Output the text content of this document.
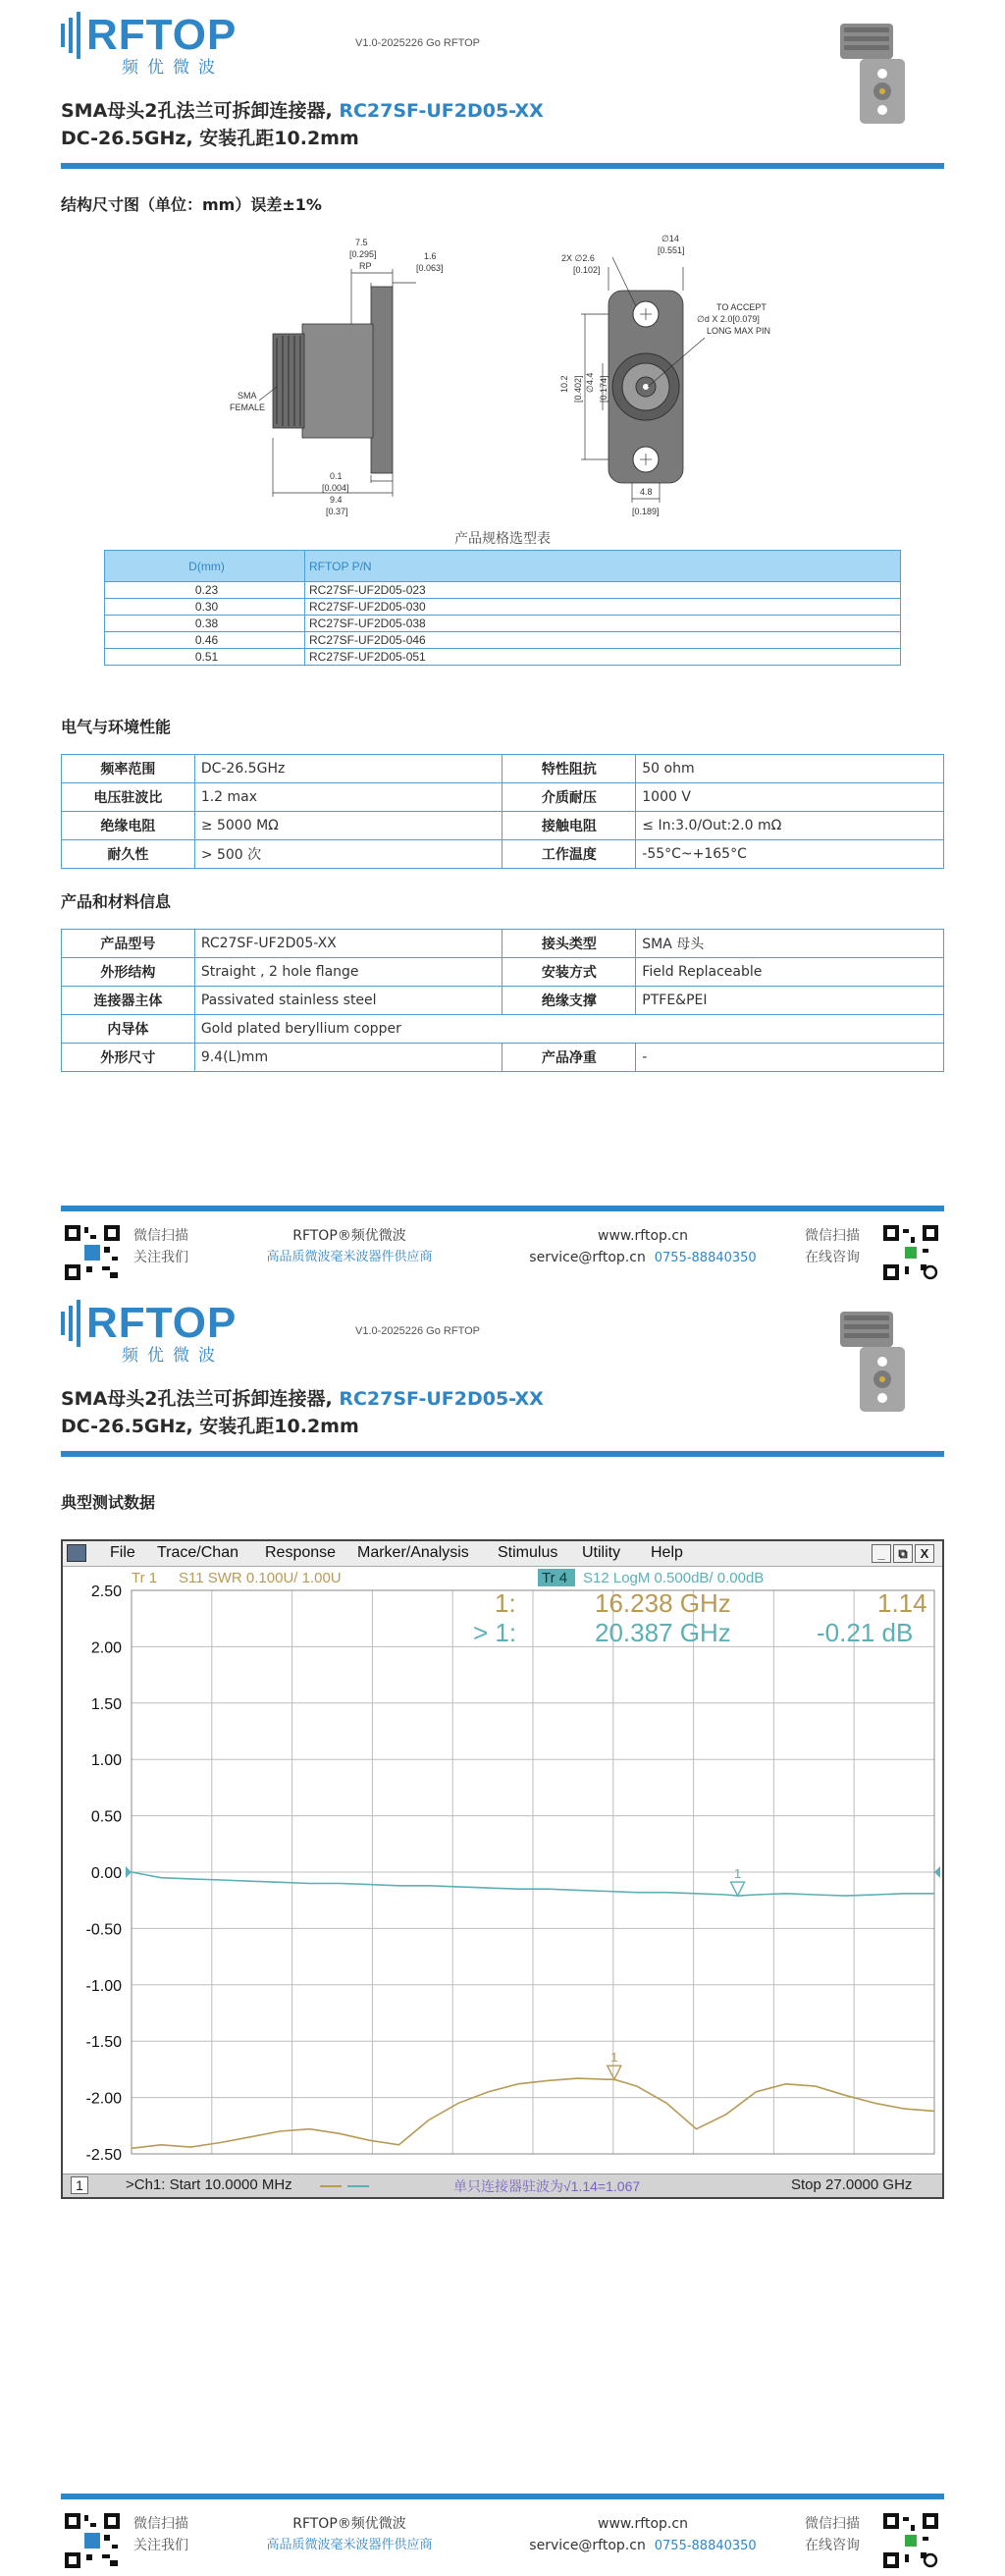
RFTOP
频优微波
V1.0-2025226 Go RFTOP
SMA母头2孔法兰可拆卸连接器, RC27SF-UF2D05-XX
DC-26.5GHz, 安装孔距10.2mm
结构尺寸图（单位：mm）误差±1%
7.5
[0.295]
RP
1.6
[0.063]
SMA
FEMALE
0.1
[0.004]
9.4
[0.37]
2X ∅2.6
[0.102]
∅14
[0.551]
TO ACCEPT
∅d X 2.0[0.079]
LONG MAX PIN
10.2 [0.402] ∅4.4 [0.174]
4.8
[0.189]
产品规格选型表
D(mm)	RFTOP P/N
0.23	RC27SF-UF2D05-023
0.30	RC27SF-UF2D05-030
0.38	RC27SF-UF2D05-038
0.46	RC27SF-UF2D05-046
0.51	RC27SF-UF2D05-051
电气与环境性能
频率范围	DC-26.5GHz	特性阻抗	50 ohm
电压驻波比	1.2 max	介质耐压	1000 V
绝缘电阻	≥ 5000 MΩ	接触电阻	≤ In:3.0/Out:2.0 mΩ
耐久性	> 500 次	工作温度	-55°C~+165°C
产品和材料信息
产品型号	RC27SF-UF2D05-XX	接头类型	SMA 母头
外形结构	Straight , 2 hole flange	安装方式	Field Replaceable
连接器主体	Passivated stainless steel	绝缘支撑	PTFE&PEI
内导体	Gold plated beryllium copper		
外形尺寸	9.4(L)mm	产品净重	-
微信扫描
关注我们
RFTOP®频优微波
高品质微波毫米波器件供应商
www.rftop.cn
service@rftop.cn 0755-88840350
微信扫描
在线咨询
RFTOP
频优微波
V1.0-2025226 Go RFTOP
SMA母头2孔法兰可拆卸连接器, RC27SF-UF2D05-XX
DC-26.5GHz, 安装孔距10.2mm
典型测试数据
微信扫描
关注我们
RFTOP®频优微波
高品质微波毫米波器件供应商
www.rftop.cn
service@rftop.cn 0755-88840350
微信扫描
在线咨询
File Trace/Chan Response Marker/Analysis Stimulus Utility Help	_	⧉	X
2.50
2.00
1.50
1.00
0.50
0.00
-0.50
-1.00
-1.50
-2.00
-2.50
1
1
Tr 1 S11 SWR 0.100U/ 1.00U	Tr 4 S12 LogM 0.500dB/ 0.00dB
1:	16.238 GHz	1.14
> 1:	20.387 GHz	-0.21 dB
1	>Ch1: Start 10.0000 MHz	单只连接器驻波为√1.14=1.067	Stop 27.0000 GHz
